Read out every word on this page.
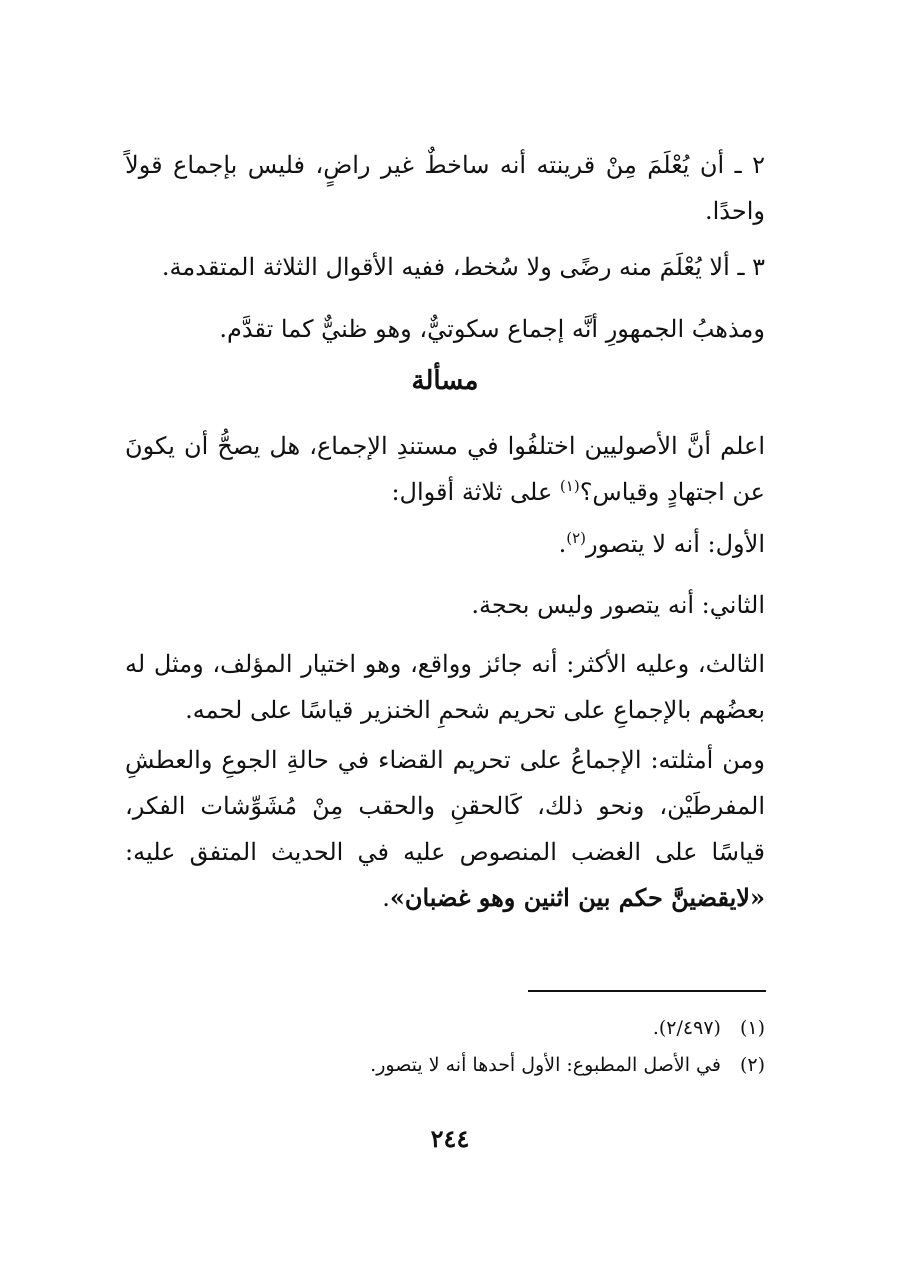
٢ ـ أن يُعْلَمَ مِنْ قرينته أنه ساخطٌ غير راضٍ، فليس بإجماع قولاً واحدًا.
٣ ـ ألا يُعْلَمَ منه رضًى ولا سُخط، ففيه الأقوال الثلاثة المتقدمة.
ومذهبُ الجمهورِ أنَّه إجماع سكوتيٌّ، وهو ظنيٌّ كما تقدَّم.
مسألة
اعلم أنَّ الأصوليين اختلفُوا في مستندِ الإجماع، هل يصحُّ أن يكونَ عن اجتهادٍ وقياس؟$^{(١)}$ على ثلاثة أقوال:
الأول: أنه لا يتصور$^{(٢)}$.
الثاني: أنه يتصور وليس بحجة.
الثالث، وعليه الأكثر: أنه جائز وواقع، وهو اختيار المؤلف، ومثل له بعضُهم بالإجماعِ على تحريم شحمِ الخنزير قياسًا على لحمه.
ومن أمثلته: الإجماعُ على تحريم القضاء في حالةِ الجوعِ والعطشِ المفرطَيْن، ونحو ذلك، كَالحقنِ والحقب مِنْ مُشَوِّشات الفكر، قياسًا على الغضب المنصوص عليه في الحديث المتفق عليه: «لايقضينَّ حكم بين اثنين وهو غضبان».
(١) (٢/٤٩٧).
(٢) في الأصل المطبوع: الأول أحدها أنه لا يتصور.
٢٤٤
